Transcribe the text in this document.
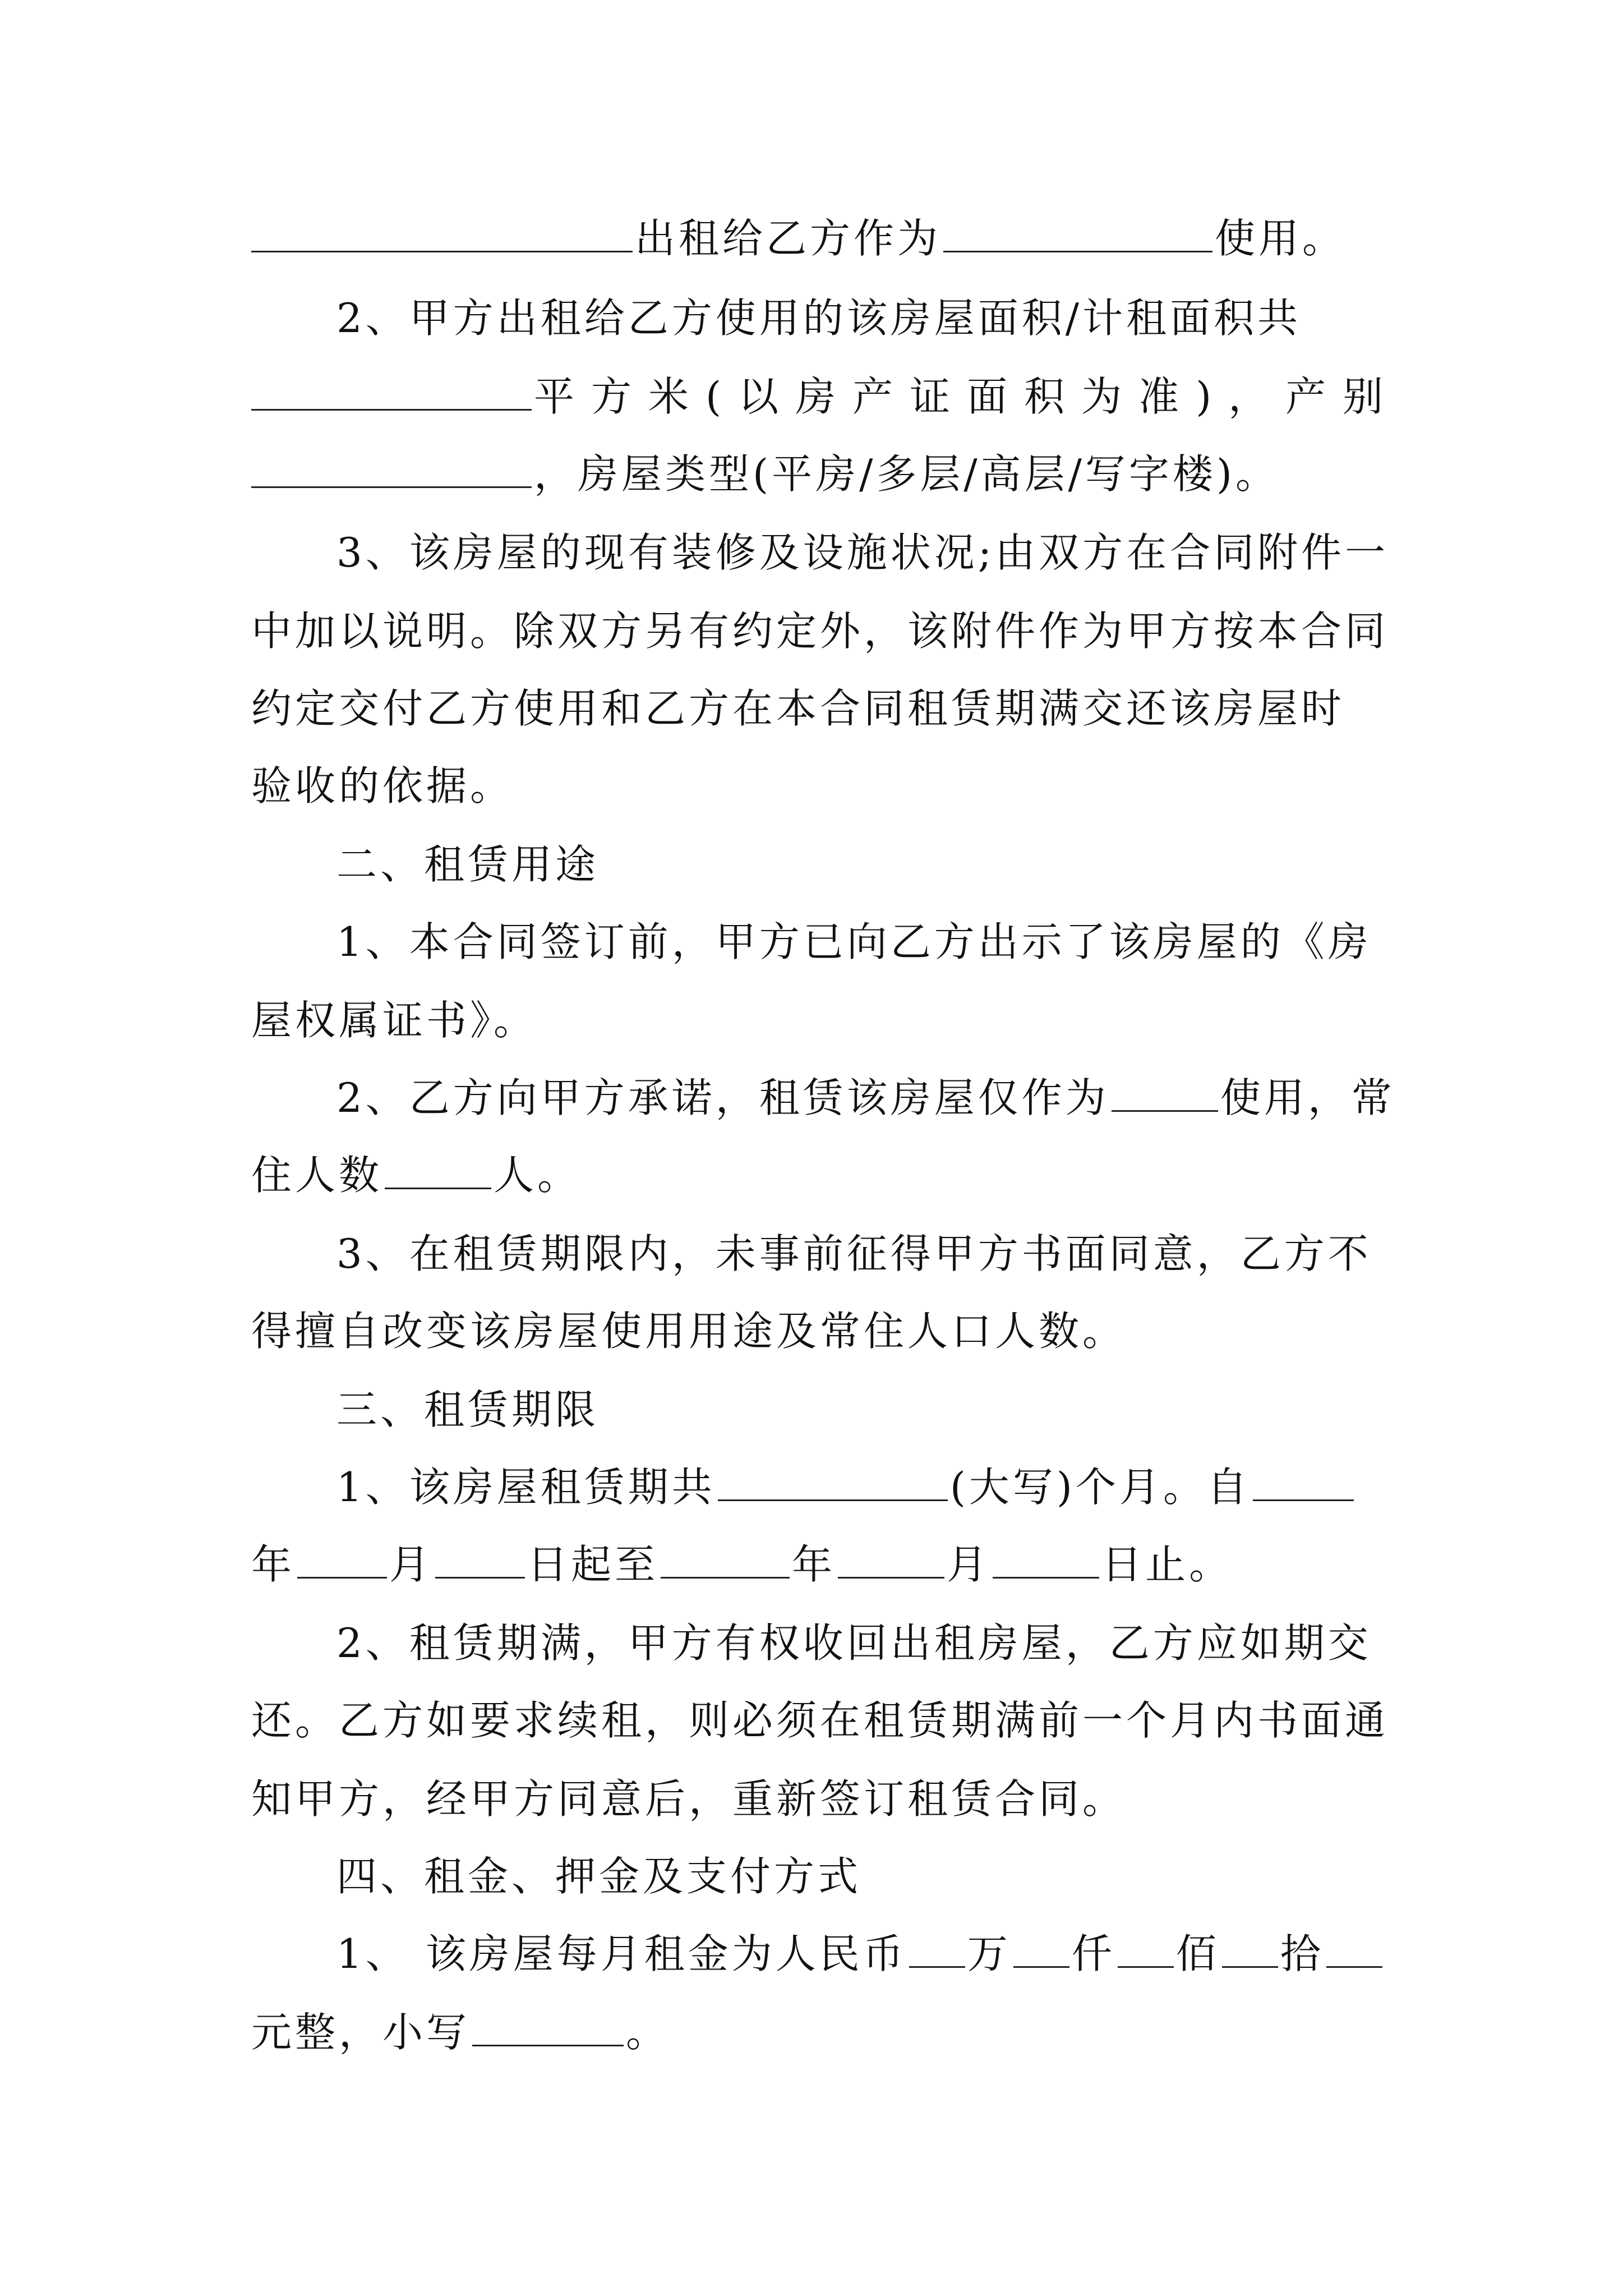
出租给乙方作为	使用。

2、甲方出租给乙方使用的该房屋面积/计租面积共

平方米(以房产证面积为准)，产别

，房屋类型(平房/多层/高层/写字楼)。

3、该房屋的现有装修及设施状况;由双方在合同附件一

中加以说明。除双方另有约定外，该附件作为甲方按本合同

约定交付乙方使用和乙方在本合同租赁期满交还该房屋时

验收的依据。

二、租赁用途

1、本合同签订前，甲方已向乙方出示了该房屋的《房

屋权属证书》。

2、乙方向甲方承诺，租赁该房屋仅作为	使用，常

住人数	人。

3、在租赁期限内，未事前征得甲方书面同意，乙方不

得擅自改变该房屋使用用途及常住人口人数。

三、租赁期限

1、该房屋租赁期共	(大写)个月。自

年 月 日起至	年	月	日止。

2、租赁期满，甲方有权收回出租房屋，乙方应如期交

还。乙方如要求续租，则必须在租赁期满前一个月内书面通

知甲方，经甲方同意后，重新签订租赁合同。

四、租金、押金及支付方式

1、 该房屋每月租金为人民币 万 仟 佰 拾

元整，小写	。
